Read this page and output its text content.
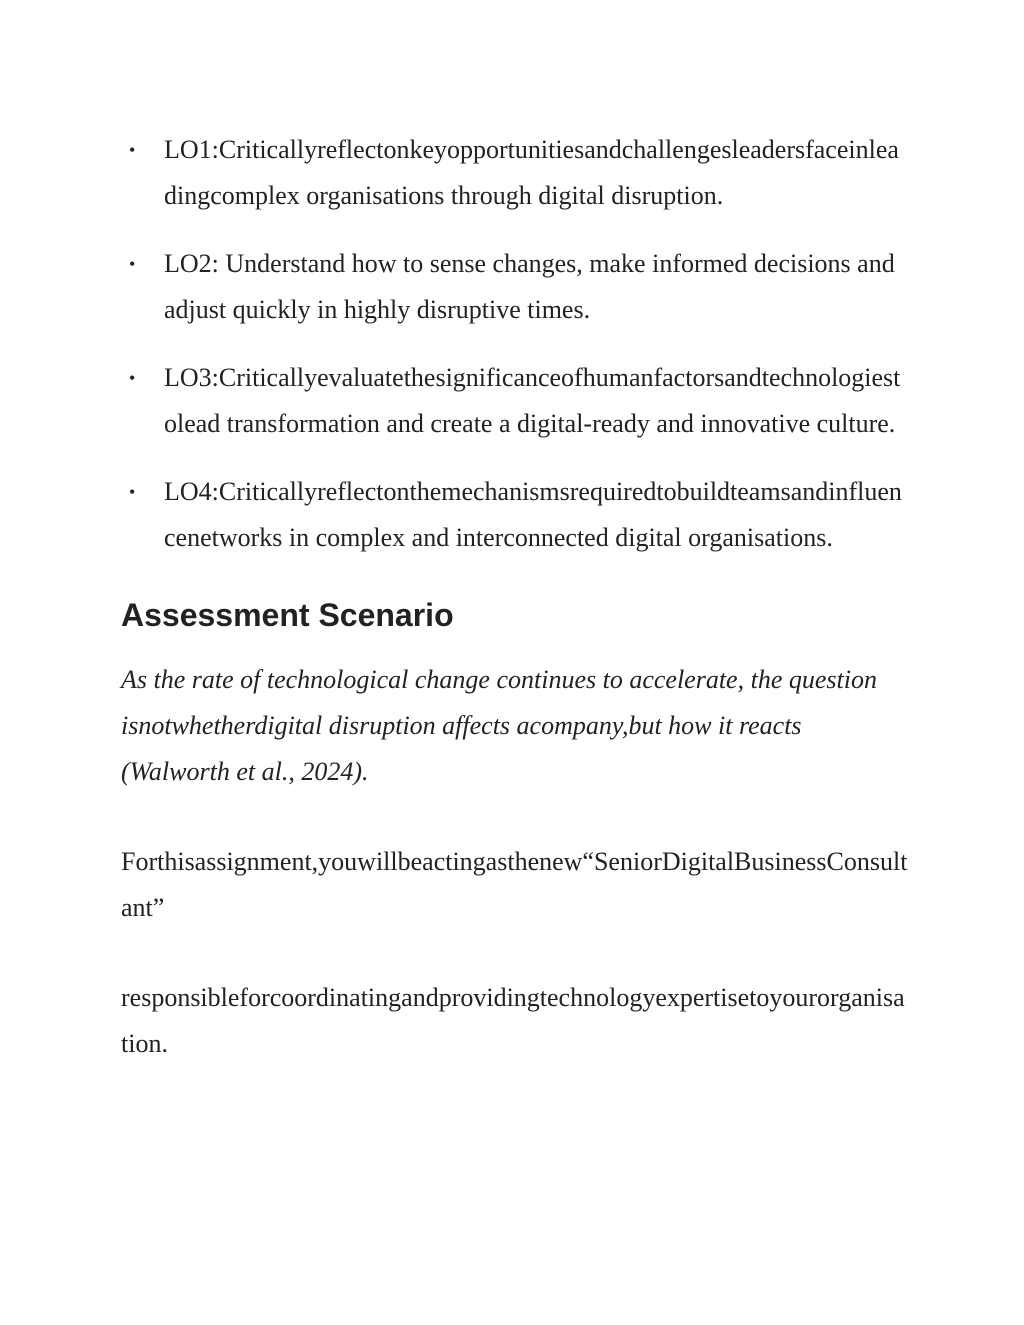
• LO1:Criticallyreflectonkeyopportunitiesandchallengesleadersfaceinleadingcomplex organisations through digital disruption.
• LO2: Understand how to sense changes, make informed decisions and adjust quickly in highly disruptive times.
• LO3:Criticallyevaluatethesignificanceofhumanfactorsandtechnologiestolead transformation and create a digital-ready and innovative culture.
• LO4:Criticallyreflectonthemechanismsrequiredtobuildteamsandinfluencenetworks in complex and interconnected digital organisations.
Assessment Scenario

As the rate of technological change continues to accelerate, the question isnotwhetherdigital disruption affects acompany,but how it reacts (Walworth et al., 2024).

Forthisassignment,youwillbeactingasthenew“SeniorDigitalBusinessConsultant”

responsibleforcoordinatingandprovidingtechnologyexpertisetoyourorganisation.
